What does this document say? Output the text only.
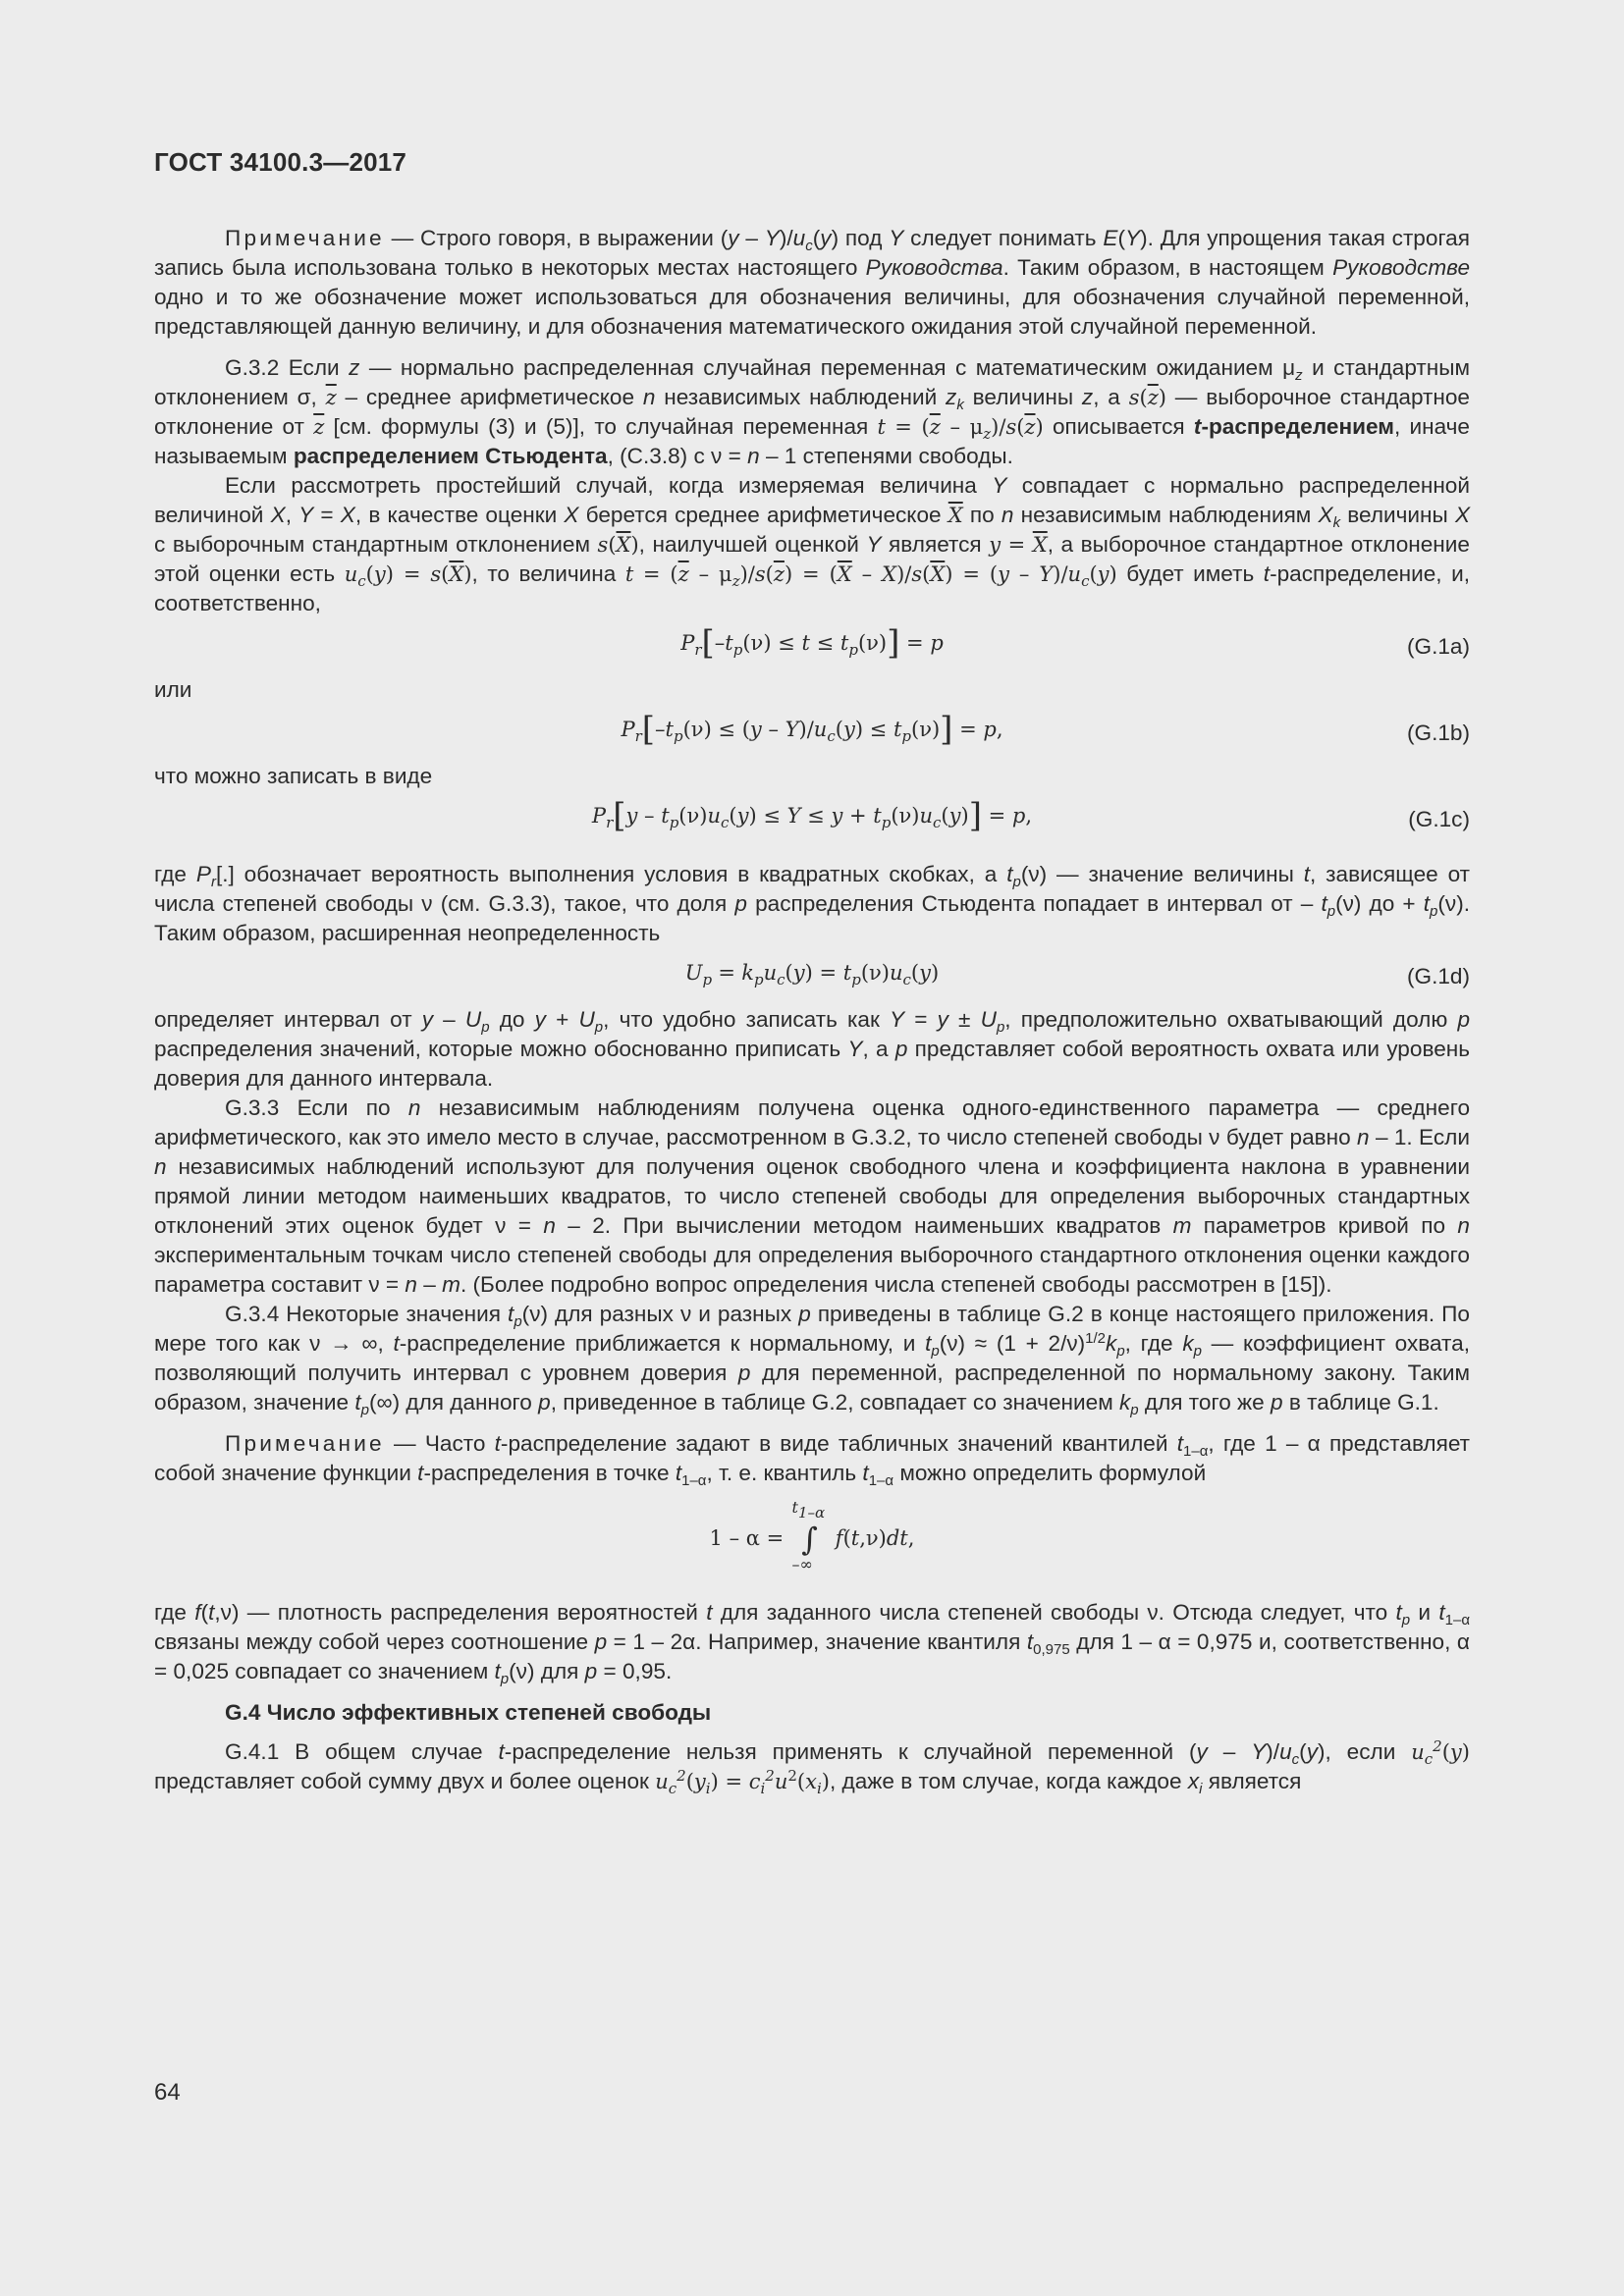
ГОСТ 34100.3—2017

Примечание — Строго говоря, в выражении $(y - Y)/u_c(y)$ под Y следует понимать E(Y). Для упрощения такая строгая запись была использована только в некоторых местах настоящего Руководства. Таким образом, в настоящем Руководстве одно и то же обозначение может использоваться для обозначения величины, для обозначения случайной переменной, представляющей данную величину, и для обозначения математического ожидания этой случайной переменной.

G.3.2 Если z — нормально распределенная случайная переменная с математическим ожиданием $\mu_z$ и стандартным отклонением σ, $\overline{z}$ – среднее арифметическое n независимых наблюдений $z_k$ величины z, а $s(\overline{z})$ — выборочное стандартное отклонение от $\overline{z}$ [см. формулы (3) и (5)], то случайная переменная $t = (\overline{z} - \mu_z)/s(\overline{z})$ описывается t-распределением, иначе называемым распределением Стьюдента, (С.3.8) с ν = n – 1 степенями свободы.

Если рассмотреть простейший случай, когда измеряемая величина Y совпадает с нормально распределенной величиной X, Y = X, в качестве оценки X берется среднее арифметическое $\overline{X}$ по n независимым наблюдениям $X_k$ величины X с выборочным стандартным отклонением $s(\overline{X})$, наилучшей оценкой Y является $y = \overline{X}$, а выборочное стандартное отклонение этой оценки есть $u_c(y) = s(\overline{X})$, то величина $t = (\overline{z} - \mu_z)/s(\overline{z}) = (\overline{X} - X)/s(\overline{X}) = (y - Y)/u_c(y)$ будет иметь t-распределение, и, соответственно,

$P_r[-t_p(\nu) \le t \le t_p(\nu)] = p$	(G.1a)

или

$P_r[-t_p(\nu) \le (y - Y)/u_c(y) \le t_p(\nu)] = p$,	(G.1b)

что можно записать в виде

$P_r[y - t_p(\nu)u_c(y) \le Y \le y + t_p(\nu)u_c(y)] = p$,	(G.1c)

где $P_r[.]$ обозначает вероятность выполнения условия в квадратных скобках, а $t_p(\nu)$ — значение величины t, зависящее от числа степеней свободы ν (см. G.3.3), такое, что доля p распределения Стьюдента попадает в интервал от – $t_p(\nu)$ до + $t_p(\nu)$. Таким образом, расширенная неопределенность

$U_p = k_pu_c(y) = t_p(\nu)u_c(y)$	(G.1d)

определяет интервал от y – $U_p$ до $y + U_p$, что удобно записать как $Y = y \pm U_p$, предположительно охватывающий долю p распределения значений, которые можно обоснованно приписать Y, а p представляет собой вероятность охвата или уровень доверия для данного интервала.

G.3.3 Если по n независимым наблюдениям получена оценка одного-единственного параметра — среднего арифметического, как это имело место в случае, рассмотренном в G.3.2, то число степеней свободы ν будет равно n – 1. Если n независимых наблюдений используют для получения оценок свободного члена и коэффициента наклона в уравнении прямой линии методом наименьших квадратов, то число степеней свободы для определения выборочных стандартных отклонений этих оценок будет ν = n – 2. При вычислении методом наименьших квадратов m параметров кривой по n экспериментальным точкам число степеней свободы для определения выборочного стандартного отклонения оценки каждого параметра составит ν = n – m. (Более подробно вопрос определения числа степеней свободы рассмотрен в [15]).

G.3.4 Некоторые значения $t_p(\nu)$ для разных ν и разных p приведены в таблице G.2 в конце настоящего приложения. По мере того как ν → ∞, t-распределение приближается к нормальному, и $t_p(\nu) \approx (1 + 2/\nu)^{1/2}k_p$, где $k_p$ — коэффициент охвата, позволяющий получить интервал с уровнем доверия p для переменной, распределенной по нормальному закону. Таким образом, значение $t_p(\infty)$ для данного p, приведенное в таблице G.2, совпадает со значением $k_p$ для того же p в таблице G.1.

Примечание — Часто t-распределение задают в виде табличных значений квантилей $t_{1-\alpha}$, где 1 – α представляет собой значение функции t-распределения в точке $t_{1-\alpha}$, т. е. квантиль $t_{1-\alpha}$ можно определить формулой

1 – α =
$t_{1-\alpha}$
∫
–∞
f(t,ν)dt,

где f(t,ν) — плотность распределения вероятностей t для заданного числа степеней свободы ν. Отсюда следует, что $t_p$ и $t_{1-\alpha}$ связаны между собой через соотношение p = 1 – 2α. Например, значение квантиля $t_{0,975}$ для 1 – α = 0,975 и, соответственно, α = 0,025 совпадает со значением $t_p(\nu)$ для p = 0,95.

G.4 Число эффективных степеней свободы

G.4.1 В общем случае t-распределение нельзя применять к случайной переменной $(y - Y)/u_c(y)$, если $u_c^2(y)$ представляет собой сумму двух и более оценок $u_c^2(y_i) = c_i^2u^2(x_i)$, даже в том случае, когда каждое $x_i$ является

64
